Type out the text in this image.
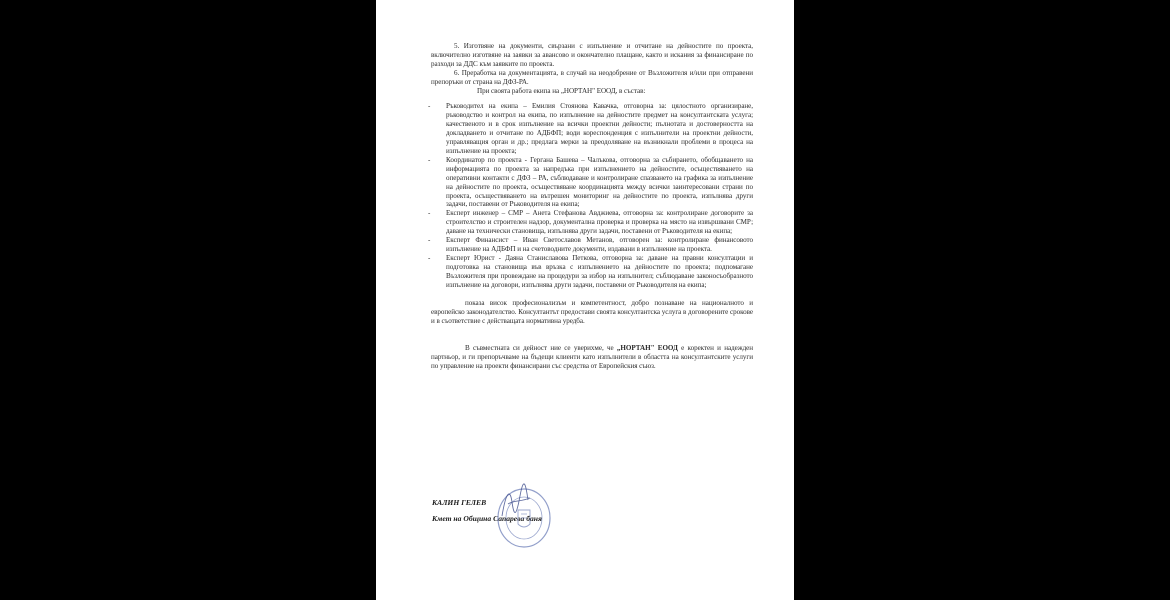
5. Изготвяне на документи, свързани с изпълнение и отчитане на дейностите по проекта, включително изготвяне на заявки за авансово и окончателно плащане, както и искания за финансиране по разходи за ДДС към заявките по проекта.

6. Преработка на документацията, в случай на неодобрение от Възложителя и/или при отправени препоръки от страна на ДФЗ-РА.

При своята работа екипа на „НОРТАН" ЕООД, в състав:

- Ръководител на екипа – Емилия Стоянова Кавачка, отговорна за: цялостното организиране, ръководство и контрол на екипа, по изпълнение на дейностите предмет на консултантската услуга; качественото и в срок изпълнение на всички проектни дейности; пълнотата и достоверността на докладването и отчитане по АДБФП; води кореспонденция с изпълнители на проектни дейности, управляващия орган и др.; предлага мерки за преодоляване на възникнали проблеми в процеса на изпълнение на проекта;
- Координатор по проекта - Гергана Башева – Чалъкова, отговорна за събирането, обобщаването на информацията по проекта за напредъка при изпълнението на дейностите, осъществяването на оперативни контакти с ДФЗ – РА, съблюдаване и контролиране спазването на графика за изпълнение на дейностите по проекта, осъществяване координацията между всички заинтересовани страни по проекта, осъществяването на вътрешен мониторинг на дейностите по проекта, изпълнява други задачи, поставени от Ръководителя на екипа;
- Експерт инженер – СМР – Анета Стефанова Авджиева, отговорна за: контролиране договорите за строителство и строителен надзор, документална проверка и проверка на място на извършвани СМР; даване на технически становища, изпълнява други задачи, поставени от Ръководителя на екипа;
- Експерт Финансист – Иван Светославов Метанов, отговорен за: контролиране финансовото изпълнение на АДБФП и на счетоводните документи, издавани в изпълнение на проекта.
- Експерт Юрист - Даяна Станиславова Петкова, отговорна за: даване на правни консултации и подготовка на становища във връзка с изпълнението на дейностите по проекта; подпомагане Възложителя при провеждане на процедури за избор на изпълнител; съблюдаване законосъобразното изпълнение на договори, изпълнява други задачи, поставени от Ръководителя на екипа;

показа висок професионализъм и компетентност, добро познаване на националното и европейско законодателство. Консултантът предостави своята консултантска услуга в договорените срокове и в съответствие с действащата нормативна уредба.

В съвместната си дейност ние се уверихме, че „НОРТАН" ЕООД е коректен и надежден партньор, и ги препоръчваме на бъдещи клиенти като изпълнители в областта на консултантските услуги по управление на проекти финансирани със средства от Европейския съюз.

КАЛИН ГЕЛЕВ
Кмет на Община Сапарева баня
